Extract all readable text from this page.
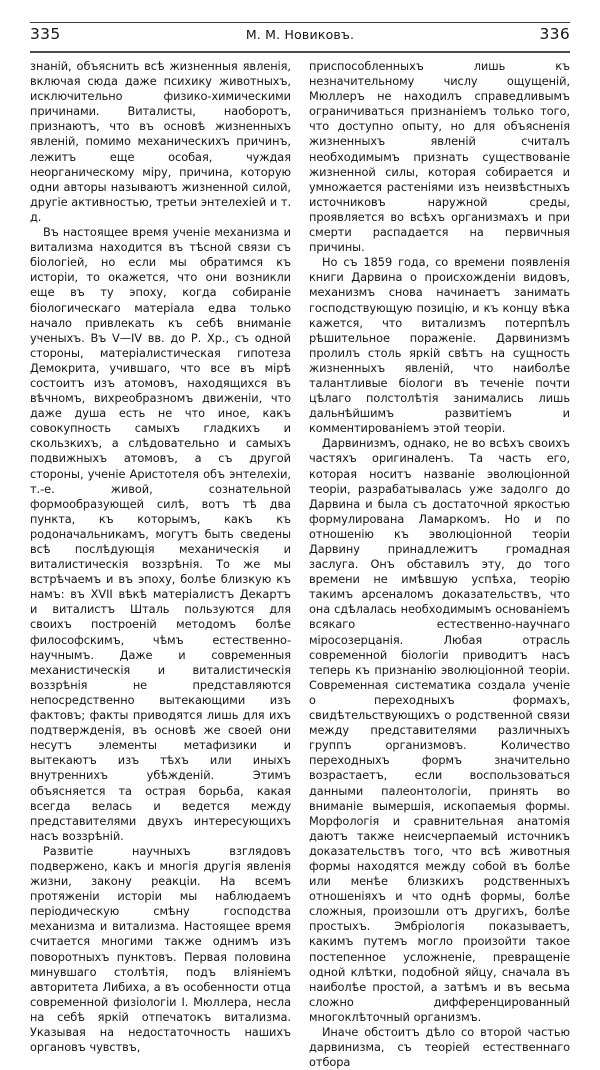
335	М. М. Новиковъ.	336

знаній, объяснить всѣ жизненныя явленія, включая сюда даже психику животныхъ, исключительно физико-химическими причинами. Виталисты, наоборотъ, признаютъ, что въ основѣ жизненныхъ явленій, помимо механическихъ причинъ, лежитъ еще особая, чуждая неорганическому міру, причина, которую одни авторы называютъ жизненной силой, другіе активностью, третьи энтелехіей и т. д.

Въ настоящее время ученіе механизма и витализма находится въ тѣсной связи съ біологіей, но если мы обратимся къ исторіи, то окажется, что они возникли еще въ ту эпоху, когда собираніе біологическаго матеріала едва только начало привлекать къ себѣ вниманіе ученыхъ. Въ V—IV вв. до Р. Хр., съ одной стороны, матеріалистическая гипотеза Демокрита, учившаго, что все въ мірѣ состоитъ изъ атомовъ, находящихся въ вѣчномъ, вихреобразномъ движеніи, что даже душа есть не что иное, какъ совокупность самыхъ гладкихъ и скользкихъ, а слѣдовательно и самыхъ подвижныхъ атомовъ, а съ другой стороны, ученіе Аристотеля объ энтелехіи, т.-е. живой, сознательной формообразующей силѣ, вотъ тѣ два пункта, къ которымъ, какъ къ родоначальникамъ, могутъ быть сведены всѣ послѣдующія механическія и виталистическія воззрѣнія. То же мы встрѣчаемъ и въ эпоху, болѣе близкую къ намъ: въ XVII вѣкѣ матеріалистъ Декартъ и виталистъ Шталь пользуются для своихъ построеній методомъ болѣе философскимъ, чѣмъ естественно-научнымъ. Даже и современныя механистическія и виталистическія воззрѣнія не представляются непосредственно вытекающими изъ фактовъ; факты приводятся лишь для ихъ подтвержденія, въ основѣ же своей они несутъ элементы метафизики и вытекаютъ изъ тѣхъ или иныхъ внутреннихъ убѣжденій. Этимъ объясняется та острая борьба, какая всегда велась и ведется между представителями двухъ интересующихъ насъ воззрѣній.

Развитіе научныхъ взглядовъ подвержено, какъ и многія другія явленія жизни, закону реакціи. На всемъ протяженіи исторіи мы наблюдаемъ періодическую смѣну господства механизма и витализма. Настоящее время считается многими также однимъ изъ поворотныхъ пунктовъ. Первая половина минувшаго столѣтія, подъ вліяніемъ авторитета Либиха, а въ особенности отца современной физіологіи I. Мюллера, несла на себѣ яркій отпечатокъ витализма. Указывая на недостаточность нашихъ органовъ чувствъ,

приспособленныхъ лишь къ незначительному числу ощущеній, Мюллеръ не находилъ справедливымъ ограничиваться признаніемъ только того, что доступно опыту, но для объясненія жизненныхъ явленій считалъ необходимымъ признать существованіе жизненной силы, которая собирается и умножается растеніями изъ неизвѣстныхъ источниковъ наружной среды, проявляется во всѣхъ организмахъ и при смерти распадается на первичныя причины.

Но съ 1859 года, со времени появленія книги Дарвина о происхожденіи видовъ, механизмъ снова начинаетъ занимать господствующую позицію, и къ концу вѣка кажется, что витализмъ потерпѣлъ рѣшительное пораженіе. Дарвинизмъ пролилъ столь яркій свѣтъ на сущность жизненныхъ явленій, что наиболѣе талантливые біологи въ теченіе почти цѣлаго полстолѣтія занимались лишь дальнѣйшимъ развитіемъ и комментированіемъ этой теоріи.

Дарвинизмъ, однако, не во всѣхъ своихъ частяхъ оригиналенъ. Та часть его, которая носитъ названіе эволюціонной теоріи, разрабатывалась уже задолго до Дарвина и была съ достаточной яркостью формулирована Ламаркомъ. Но и по отношенію къ эволюціонной теоріи Дарвину принадлежитъ громадная заслуга. Онъ обставилъ эту, до того времени не имѣвшую успѣха, теорію такимъ арсеналомъ доказательствъ, что она сдѣлалась необходимымъ основаніемъ всякаго естественно-научнаго міросозерцанія. Любая отрасль современной біологіи приводитъ насъ теперь къ признанію эволюціонной теоріи. Современная систематика создала ученіе о переходныхъ формахъ, свидѣтельствующихъ о родственной связи между представителями различныхъ группъ организмовъ. Количество переходныхъ формъ значительно возрастаетъ, если воспользоваться данными палеонтологіи, принять во вниманіе вымершія, ископаемыя формы. Морфологія и сравнительная анатомія даютъ также неисчерпаемый источникъ доказательствъ того, что всѣ животныя формы находятся между собой въ болѣе или менѣе близкихъ родственныхъ отношеніяхъ и что однѣ формы, болѣе сложныя, произошли отъ другихъ, болѣе простыхъ. Эмбріологія показываетъ, какимъ путемъ могло произойти такое постепенное усложненіе, превращеніе одной клѣтки, подобной яйцу, сначала въ наиболѣе простой, а затѣмъ и въ весьма сложно дифференцированный многоклѣточный организмъ.

Иначе обстоитъ дѣло со второй частью дарвинизма, съ теоріей естественнаго отбора
